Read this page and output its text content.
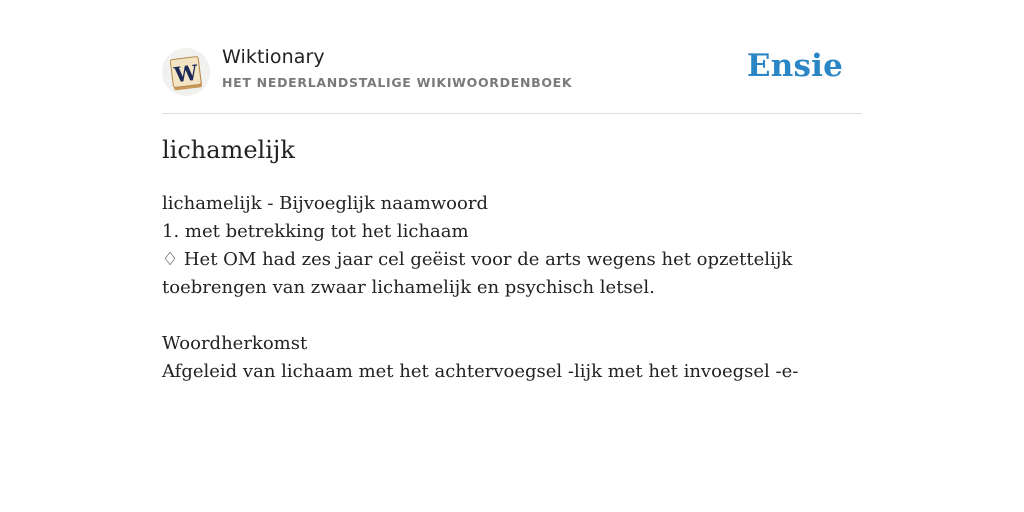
W
Wiktionary
HET NEDERLANDSTALIGE WIKIWOORDENBOEK	Ensie
lichamelijk
lichamelijk - Bijvoeglijk naamwoord
1. met betrekking tot het lichaam
♢ Het OM had zes jaar cel geëist voor de arts wegens het opzettelijk toebrengen van zwaar lichamelijk en psychisch letsel.
Woordherkomst
Afgeleid van lichaam met het achtervoegsel -lijk met het invoegsel -e-
